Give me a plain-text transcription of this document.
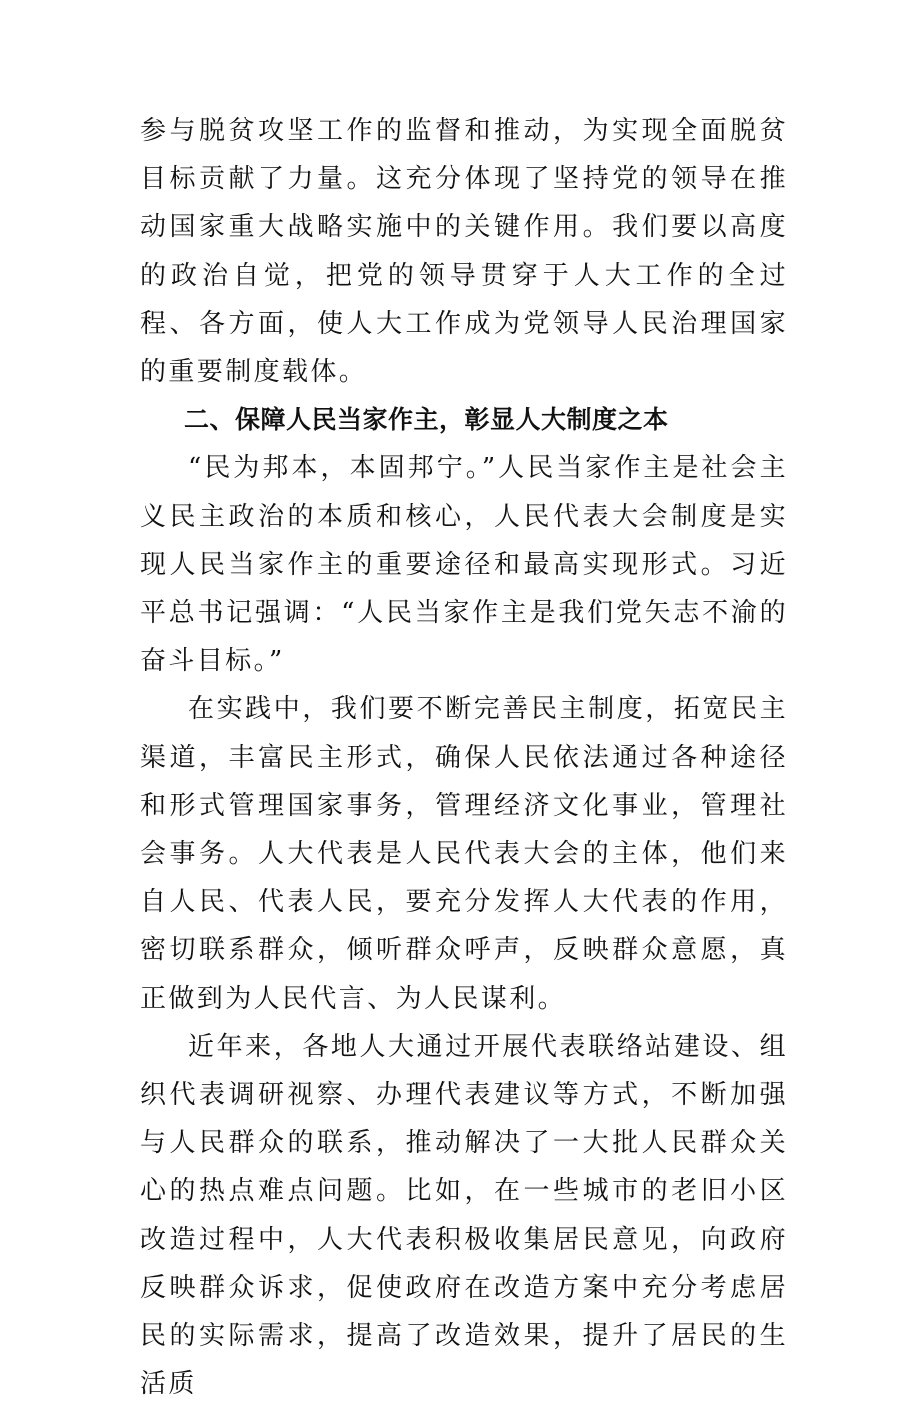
参与脱贫攻坚工作的监督和推动，为实现全面脱贫目标贡献了力量。这充分体现了坚持党的领导在推动国家重大战略实施中的关键作用。我们要以高度的政治自觉，把党的领导贯穿于人大工作的全过程、各方面，使人大工作成为党领导人民治理国家的重要制度载体。

二、保障人民当家作主，彰显人大制度之本

“民为邦本，本固邦宁。”人民当家作主是社会主义民主政治的本质和核心，人民代表大会制度是实现人民当家作主的重要途径和最高实现形式。习近平总书记强调：“人民当家作主是我们党矢志不渝的奋斗目标。”

在实践中，我们要不断完善民主制度，拓宽民主渠道，丰富民主形式，确保人民依法通过各种途径和形式管理国家事务，管理经济文化事业，管理社会事务。人大代表是人民代表大会的主体，他们来自人民、代表人民，要充分发挥人大代表的作用，密切联系群众，倾听群众呼声，反映群众意愿，真正做到为人民代言、为人民谋利。

近年来，各地人大通过开展代表联络站建设、组织代表调研视察、办理代表建议等方式，不断加强与人民群众的联系，推动解决了一大批人民群众关心的热点难点问题。比如，在一些城市的老旧小区改造过程中，人大代表积极收集居民意见，向政府反映群众诉求，促使政府在改造方案中充分考虑居民的实际需求，提高了改造效果，提升了居民的生活质
